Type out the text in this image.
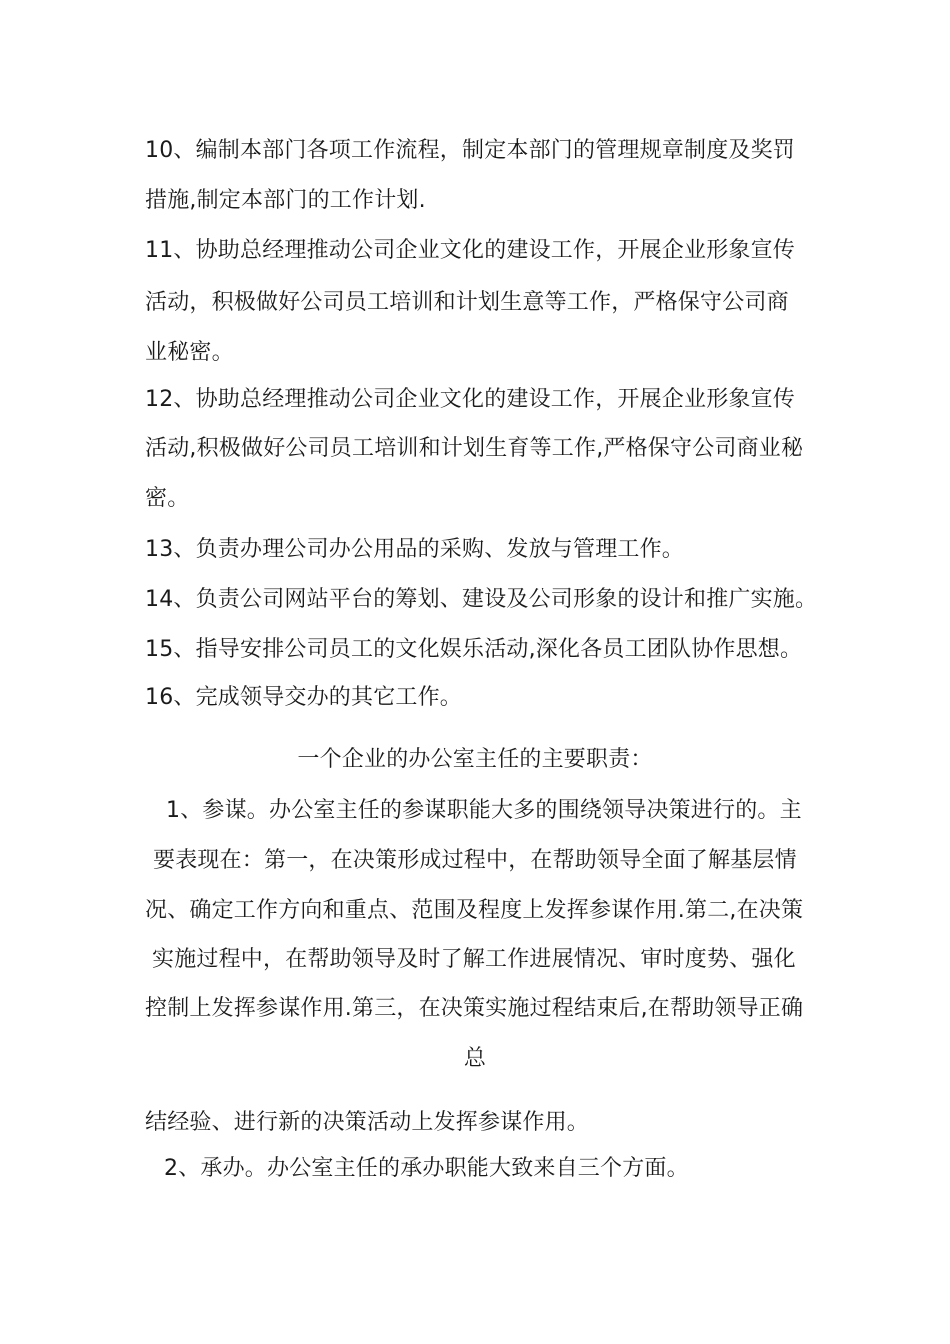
10、编制本部门各项工作流程，制定本部门的管理规章制度及奖罚
措施,制定本部门的工作计划.
11、协助总经理推动公司企业文化的建设工作，开展企业形象宣传
活动，积极做好公司员工培训和计划生意等工作，严格保守公司商
业秘密。
12、协助总经理推动公司企业文化的建设工作，开展企业形象宣传
活动,积极做好公司员工培训和计划生育等工作,严格保守公司商业秘
密。
13、负责办理公司办公用品的采购、发放与管理工作。
14、负责公司网站平台的筹划、建设及公司形象的设计和推广实施。
15、指导安排公司员工的文化娱乐活动,深化各员工团队协作思想。
16、完成领导交办的其它工作。
一个企业的办公室主任的主要职责：
1、参谋。办公室主任的参谋职能大多的围绕领导决策进行的。主
要表现在：第一，在决策形成过程中，在帮助领导全面了解基层情
况、确定工作方向和重点、范围及程度上发挥参谋作用.第二,在决策
实施过程中，在帮助领导及时了解工作进展情况、审时度势、强化
控制上发挥参谋作用.第三，在决策实施过程结束后,在帮助领导正确
总
结经验、进行新的决策活动上发挥参谋作用。
2、承办。办公室主任的承办职能大致来自三个方面。
